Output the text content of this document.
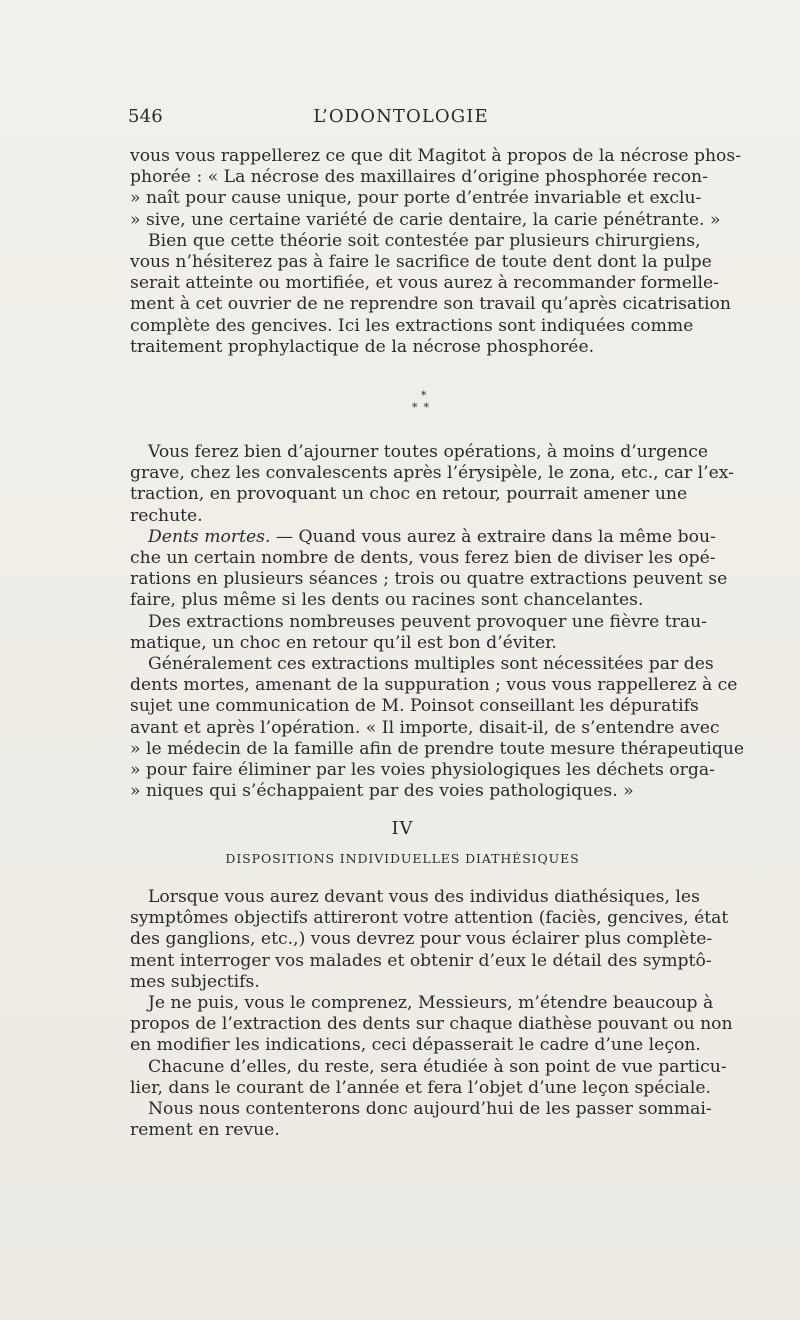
546	L’ODONTOLOGIE
vous vous rappellerez ce que dit Magitot à propos de la nécrose phos-
phorée : « La nécrose des maxillaires d’origine phosphorée recon-
» naît pour cause unique, pour porte d’entrée invariable et exclu-
» sive, une certaine variété de carie dentaire, la carie pénétrante. »
Bien que cette théorie soit contestée par plusieurs chirurgiens,
vous n’hésiterez pas à faire le sacrifice de toute dent dont la pulpe
serait atteinte ou mortifiée, et vous aurez à recommander formelle-
ment à cet ouvrier de ne reprendre son travail qu’après cicatrisation
complète des gencives. Ici les extractions sont indiquées comme
traitement prophylactique de la nécrose phosphorée.
*
**
Vous ferez bien d’ajourner toutes opérations, à moins d’urgence
grave, chez les convalescents après l’érysipèle, le zona, etc., car l’ex-
traction, en provoquant un choc en retour, pourrait amener une
rechute.
Dents mortes. — Quand vous aurez à extraire dans la même bou-
che un certain nombre de dents, vous ferez bien de diviser les opé-
rations en plusieurs séances ; trois ou quatre extractions peuvent se
faire, plus même si les dents ou racines sont chancelantes.
Des extractions nombreuses peuvent provoquer une fièvre trau-
matique, un choc en retour qu’il est bon d’éviter.
Généralement ces extractions multiples sont nécessitées par des
dents mortes, amenant de la suppuration ; vous vous rappellerez à ce
sujet une communication de M. Poinsot conseillant les dépuratifs
avant et après l’opération. « Il importe, disait-il, de s’entendre avec
» le médecin de la famille afin de prendre toute mesure thérapeutique
» pour faire éliminer par les voies physiologiques les déchets orga-
» niques qui s’échappaient par des voies pathologiques. »
IV
DISPOSITIONS INDIVIDUELLES DIATHÉSIQUES
Lorsque vous aurez devant vous des individus diathésiques, les
symptômes objectifs attireront votre attention (faciès, gencives, état
des ganglions, etc.,) vous devrez pour vous éclairer plus complète-
ment interroger vos malades et obtenir d’eux le détail des symptô-
mes subjectifs.
Je ne puis, vous le comprenez, Messieurs, m’étendre beaucoup à
propos de l’extraction des dents sur chaque diathèse pouvant ou non
en modifier les indications, ceci dépasserait le cadre d’une leçon.
Chacune d’elles, du reste, sera étudiée à son point de vue particu-
lier, dans le courant de l’année et fera l’objet d’une leçon spéciale.
Nous nous contenterons donc aujourd’hui de les passer sommai-
rement en revue.
